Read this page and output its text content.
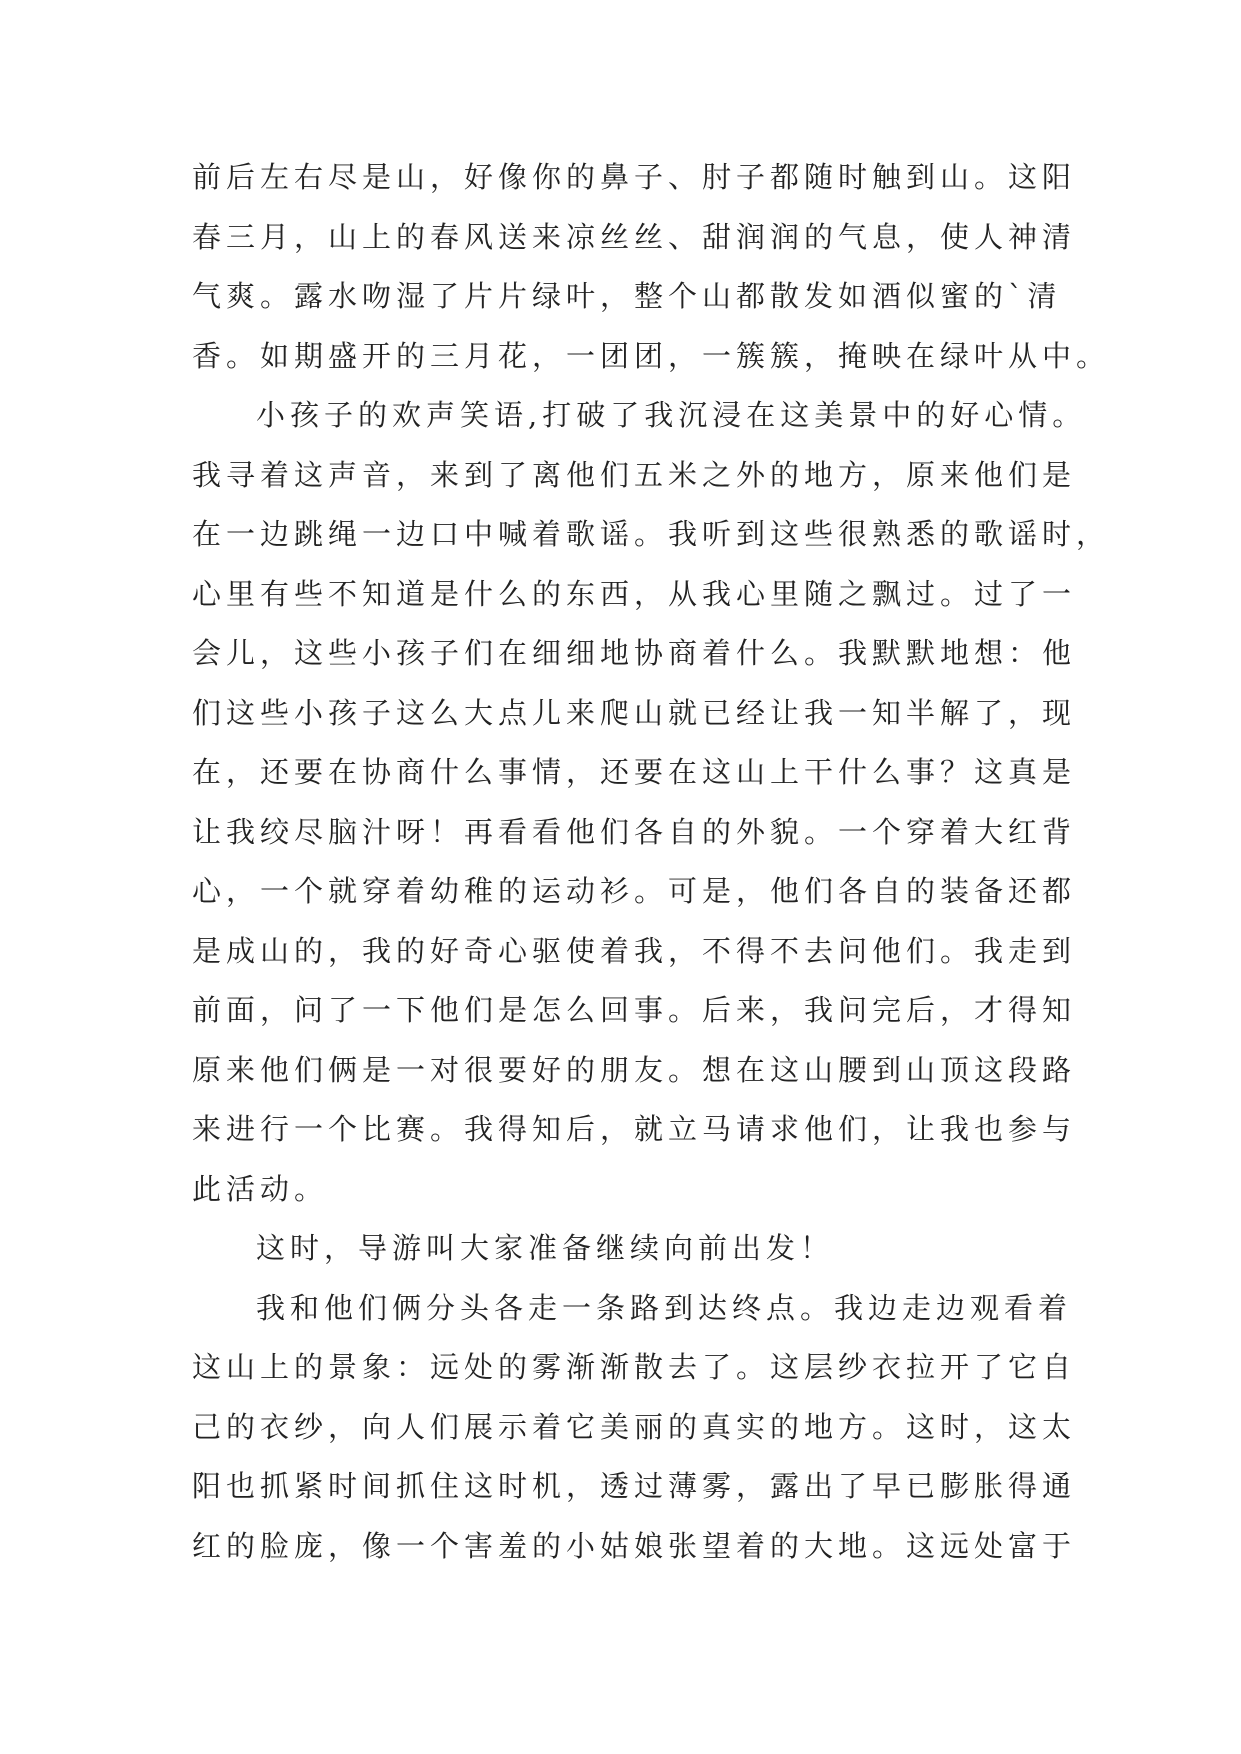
前后左右尽是山，好像你的鼻子、肘子都随时触到山。这阳
春三月，山上的春风送来凉丝丝、甜润润的气息，使人神清
气爽。露水吻湿了片片绿叶，整个山都散发如酒似蜜的`清
香。如期盛开的三月花，一团团，一簇簇，掩映在绿叶从中。
小孩子的欢声笑语,打破了我沉浸在这美景中的好心情。
我寻着这声音，来到了离他们五米之外的地方，原来他们是
在一边跳绳一边口中喊着歌谣。我听到这些很熟悉的歌谣时，
心里有些不知道是什么的东西，从我心里随之飘过。过了一
会儿，这些小孩子们在细细地协商着什么。我默默地想：他
们这些小孩子这么大点儿来爬山就已经让我一知半解了，现
在，还要在协商什么事情，还要在这山上干什么事？这真是
让我绞尽脑汁呀！再看看他们各自的外貌。一个穿着大红背
心，一个就穿着幼稚的运动衫。可是，他们各自的装备还都
是成山的，我的好奇心驱使着我，不得不去问他们。我走到
前面，问了一下他们是怎么回事。后来，我问完后，才得知
原来他们俩是一对很要好的朋友。想在这山腰到山顶这段路
来进行一个比赛。我得知后，就立马请求他们，让我也参与
此活动。
这时，导游叫大家准备继续向前出发！
我和他们俩分头各走一条路到达终点。我边走边观看着
这山上的景象：远处的雾渐渐散去了。这层纱衣拉开了它自
己的衣纱，向人们展示着它美丽的真实的地方。这时，这太
阳也抓紧时间抓住这时机，透过薄雾，露出了早已膨胀得通
红的脸庞，像一个害羞的小姑娘张望着的大地。这远处富于
